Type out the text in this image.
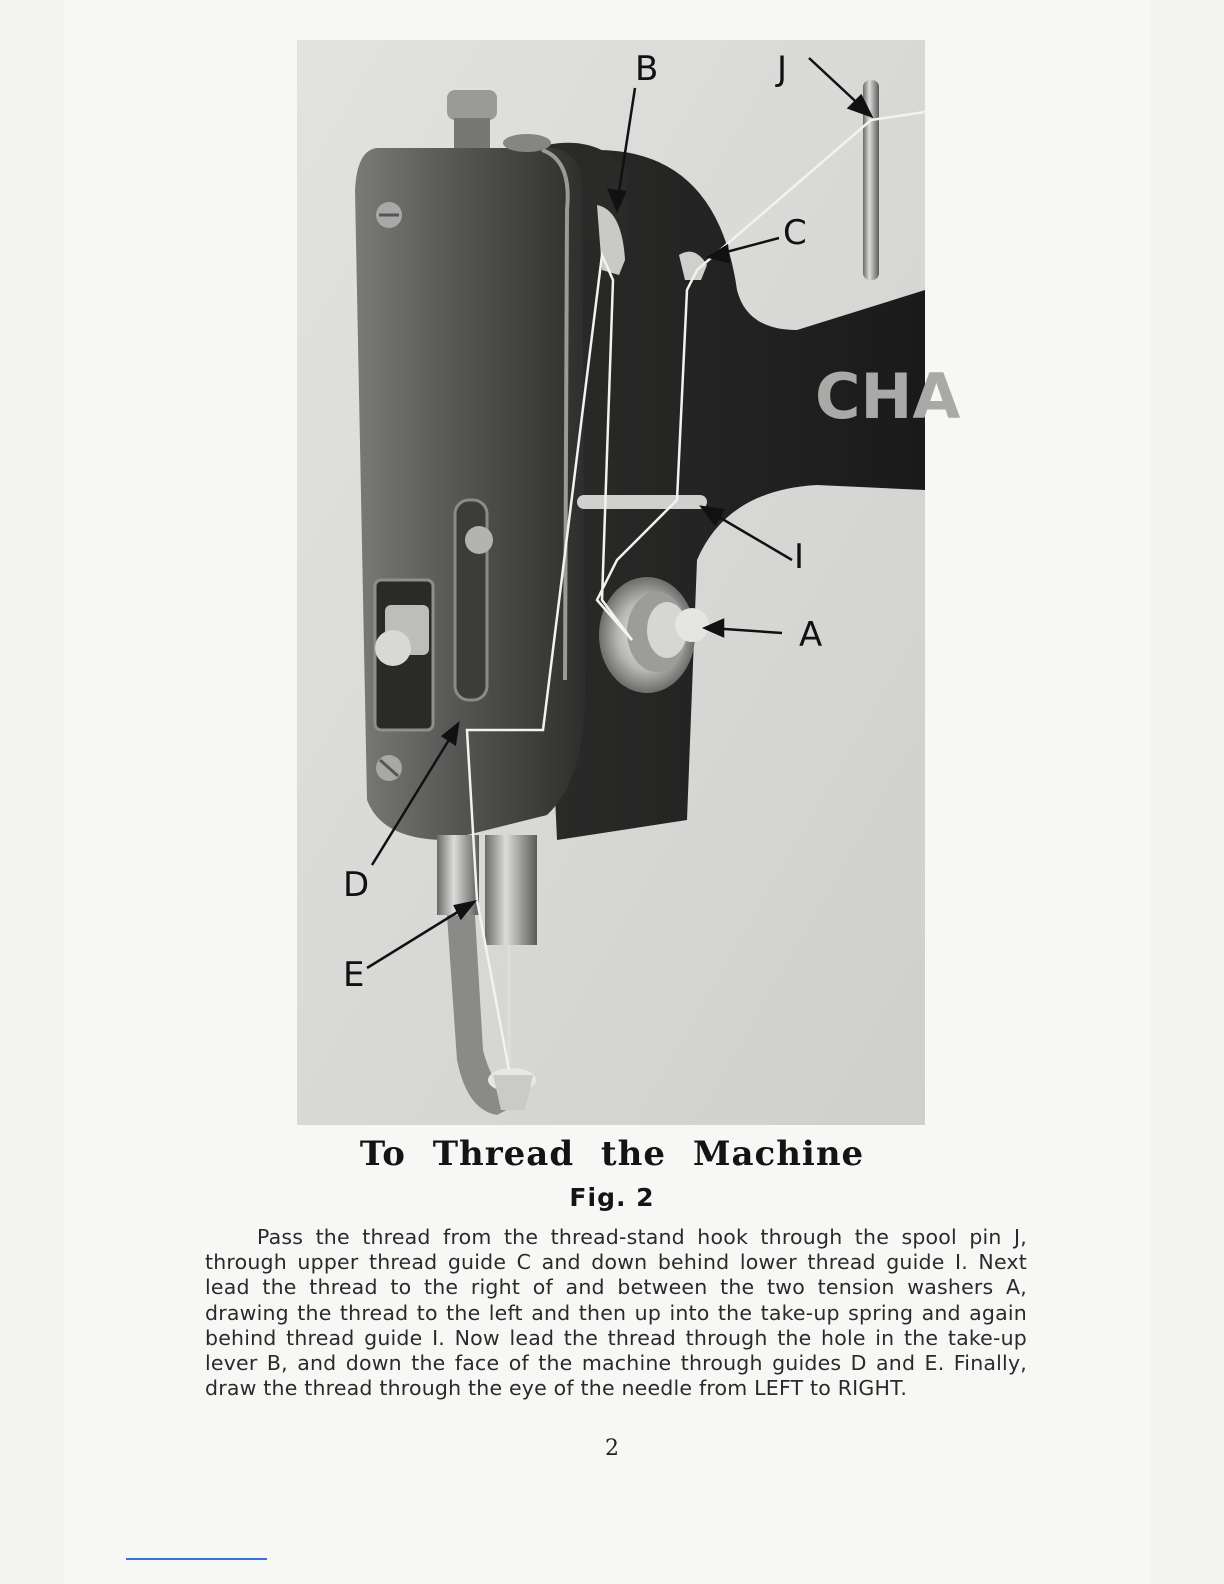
CHA
B	J
C
I
A
D
E
To Thread the Machine
Fig. 2

Pass the thread from the thread-stand hook through the spool pin J, through upper thread guide C and down behind lower thread guide I. Next lead the thread to the right of and between the two tension washers A, drawing the thread to the left and then up into the take-up spring and again behind thread guide I. Now lead the thread through the hole in the take-up lever B, and down the face of the machine through guides D and E. Finally, draw the thread through the eye of the needle from LEFT to RIGHT.

2
